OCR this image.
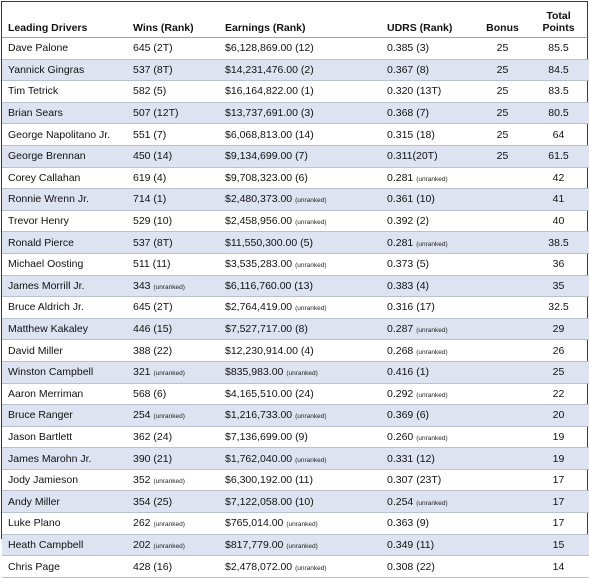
Leading Drivers	Wins (Rank)	Earnings (Rank)	UDRS (Rank)	Bonus	Total
Points

Dave Palone	645 (2T)	$6,128,869.00 (12)	0.385 (3)	25	85.5
Yannick Gingras	537 (8T)	$14,231,476.00 (2)	0.367 (8)	25	84.5
Tim Tetrick	582 (5)	$16,164,822.00 (1)	0.320 (13T)	25	83.5
Brian Sears	507 (12T)	$13,737,691.00 (3)	0.368 (7)	25	80.5
George Napolitano Jr.	551 (7)	$6,068,813.00 (14)	0.315 (18)	25	64
George Brennan	450 (14)	$9,134,699.00 (7)	0.311(20T)	25	61.5
Corey Callahan	619 (4)	$9,708,323.00 (6)	0.281 (unranked)		42
Ronnie Wrenn Jr.	714 (1)	$2,480,373.00 (unranked)	0.361 (10)		41
Trevor Henry	529 (10)	$2,458,956.00 (unranked)	0.392 (2)		40
Ronald Pierce	537 (8T)	$11,550,300.00 (5)	0.281 (unranked)		38.5
Michael Oosting	511 (11)	$3,535,283.00 (unranked)	0.373 (5)		36
James Morrill Jr.	343 (unranked)	$6,116,760.00 (13)	0.383 (4)		35
Bruce Aldrich Jr.	645 (2T)	$2,764,419.00 (unranked)	0.316 (17)		32.5
Matthew Kakaley	446 (15)	$7,527,717.00 (8)	0.287 (unranked)		29
David Miller	388 (22)	$12,230,914.00 (4)	0.268 (unranked)		26
Winston Campbell	321 (unranked)	$835,983.00 (unranked)	0.416 (1)		25
Aaron Merriman	568 (6)	$4,165,510.00 (24)	0.292 (unranked)		22
Bruce Ranger	254 (unranked)	$1,216,733.00 (unranked)	0.369 (6)		20
Jason Bartlett	362 (24)	$7,136,699.00 (9)	0.260 (unranked)		19
James Marohn Jr.	390 (21)	$1,762,040.00 (unranked)	0.331 (12)		19
Jody Jamieson	352 (unranked)	$6,300,192.00 (11)	0.307 (23T)		17
Andy Miller	354 (25)	$7,122,058.00 (10)	0.254 (unranked)		17
Luke Plano	262 (unranked)	$765,014.00 (unranked)	0.363 (9)		17
Heath Campbell	202 (unranked)	$817,779.00 (unranked)	0.349 (11)		15
Chris Page	428 (16)	$2,478,072.00 (unranked)	0.308 (22)		14
